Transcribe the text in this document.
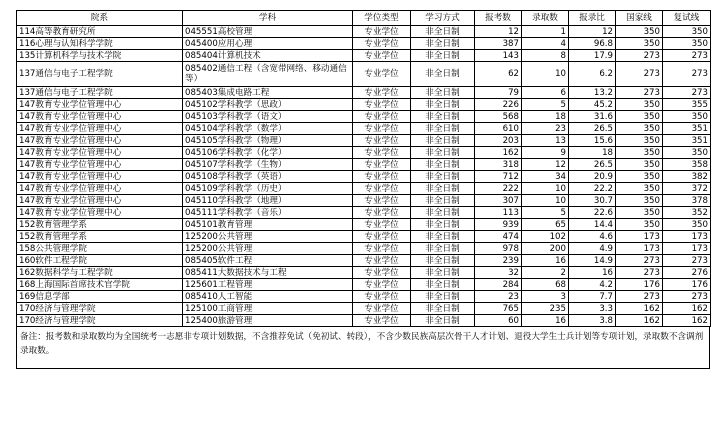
院系	学科	学位类型	学习方式	报考数	录取数	报录比	国家线	复试线
114高等教育研究所	045551高校管理	专业学位	非全日制	12	1	12	350	350
116心理与认知科学学院	045400应用心理	专业学位	非全日制	387	4	96.8	350	350
135计算机科学与技术学院	085404计算机技术	专业学位	非全日制	143	8	17.9	273	273
137通信与电子工程学院	085402通信工程（含宽带网络、移动通信等）	专业学位	非全日制	62	10	6.2	273	273
137通信与电子工程学院	085403集成电路工程	专业学位	非全日制	79	6	13.2	273	273
147教育专业学位管理中心	045102学科教学（思政）	专业学位	非全日制	226	5	45.2	350	355
147教育专业学位管理中心	045103学科教学（语文）	专业学位	非全日制	568	18	31.6	350	350
147教育专业学位管理中心	045104学科教学（数学）	专业学位	非全日制	610	23	26.5	350	351
147教育专业学位管理中心	045105学科教学（物理）	专业学位	非全日制	203	13	15.6	350	351
147教育专业学位管理中心	045106学科教学（化学）	专业学位	非全日制	162	9	18	350	350
147教育专业学位管理中心	045107学科教学（生物）	专业学位	非全日制	318	12	26.5	350	358
147教育专业学位管理中心	045108学科教学（英语）	专业学位	非全日制	712	34	20.9	350	382
147教育专业学位管理中心	045109学科教学（历史）	专业学位	非全日制	222	10	22.2	350	372
147教育专业学位管理中心	045110学科教学（地理）	专业学位	非全日制	307	10	30.7	350	378
147教育专业学位管理中心	045111学科教学（音乐）	专业学位	非全日制	113	5	22.6	350	352
152教育管理学系	045101教育管理	专业学位	非全日制	939	65	14.4	350	350
152教育管理学系	125200公共管理	专业学位	非全日制	474	102	4.6	173	173
158公共管理学院	125200公共管理	专业学位	非全日制	978	200	4.9	173	173
160软件工程学院	085405软件工程	专业学位	非全日制	239	16	14.9	273	273
162数据科学与工程学院	085411大数据技术与工程	专业学位	非全日制	32	2	16	273	276
168上海国际首席技术官学院	125601工程管理	专业学位	非全日制	284	68	4.2	176	176
169信息学部	085410人工智能	专业学位	非全日制	23	3	7.7	273	273
170经济与管理学院	125100工商管理	专业学位	非全日制	765	235	3.3	162	162
170经济与管理学院	125400旅游管理	专业学位	非全日制	60	16	3.8	162	162
备注：报考数和录取数均为全国统考一志愿非专项计划数据，不含推荐免试（免初试、转段），不含少数民族高层次骨干人才计划、退役大学生士兵计划等专项计划，录取数不含调剂录取数。
